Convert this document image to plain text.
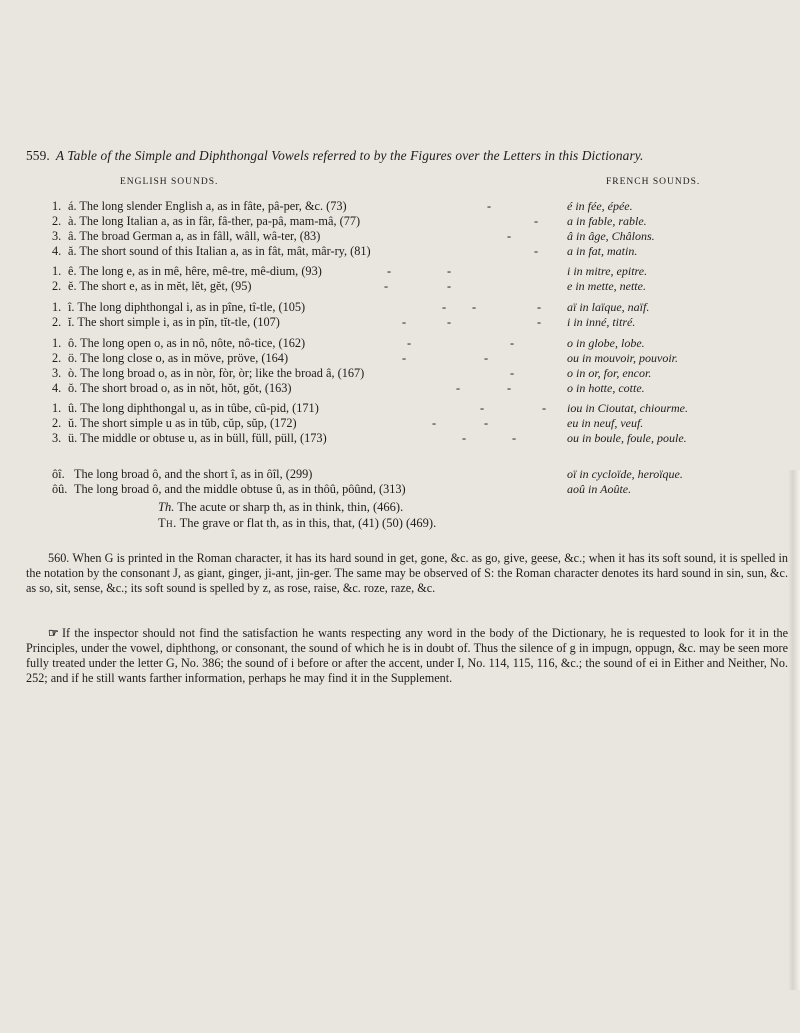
559. A Table of the Simple and Diphthongal Vowels referred to by the Figures over the Letters in this Dictionary.
ENGLISH SOUNDS.	FRENCH SOUNDS.
1. á. The long slender English a, as in fâte, pâ-per, &c. (73)	-	é in fée, épée.
2. à. The long Italian a, as in fâr, fâ-ther, pa-pâ, mam-mâ, (77)	- a in fable, rable.
3. â. The broad German a, as in fâll, wâll, wâ-ter, (83)	-	â in âge, Châlons.
4. ă. The short sound of this Italian a, as in fât, mât, mâr-ry, (81)	- a in fat, matin.
1. ê. The long e, as in mê, hêre, mê-tre, mê-dium, (93)	-	-	i in mitre, epitre.
2. ĕ. The short e, as in mĕt, lĕt, gĕt, (95)	-	-	e in mette, nette.
1. î. The long diphthongal i, as in pîne, tî-tle, (105)	- -	- aï in laïque, naïf.
2. ĭ. The short simple i, as in pĭn, tĭt-tle, (107)	-	-	- i in inné, titré.
1. ô. The long open o, as in nô, nôte, nô-tice, (162)	-	-	o in globe, lobe.
2. ö. The long close o, as in möve, pröve, (164)	-	-	ou in mouvoir, pouvoir.
3. ò. The long broad o, as in nòr, fòr, òr; like the broad â, (167)	-	o in or, for, encor.
4. ŏ. The short broad o, as in nŏt, hŏt, gŏt, (163)	-	-	o in hotte, cotte.
1. û. The long diphthongal u, as in tûbe, cû-pid, (171)	-	- iou in Cioutat, chiourme.
2. ŭ. The short simple u as in tŭb, cŭp, sŭp, (172)	-	-	eu in neuf, veuf.
3. ü. The middle or obtuse u, as in büll, füll, püll, (173)	-	-	ou in boule, foule, poule.
ôî. The long broad ô, and the short î, as in ôîl, (299)	oï in cycloïde, heroïque.
ôû. The long broad ô, and the middle obtuse û, as in thôû, pôûnd, (313)	aoû in Aoûte.
Th. The acute or sharp th, as in think, thin, (466).
Th. The grave or flat th, as in this, that, (41) (50) (469).
560. When G is printed in the Roman character, it has its hard sound in get, gone, &c. as go, give, geese, &c.; when it has its soft sound, it is spelled in the notation by the consonant J, as giant, ginger, ji-ant, jin-ger. The same may be observed of S: the Roman character denotes its hard sound in sin, sun, &c. as so, sit, sense, &c.; its soft sound is spelled by z, as rose, raise, &c. roze, raze, &c.
☞ If the inspector should not find the satisfaction he wants respecting any word in the body of the Dictionary, he is requested to look for it in the Principles, under the vowel, diphthong, or consonant, the sound of which he is in doubt of. Thus the silence of g in impugn, oppugn, &c. may be seen more fully treated under the letter G, No. 386; the sound of i before or after the accent, under I, No. 114, 115, 116, &c.; the sound of ei in Either and Neither, No. 252; and if he still wants farther information, perhaps he may find it in the Supplement.
